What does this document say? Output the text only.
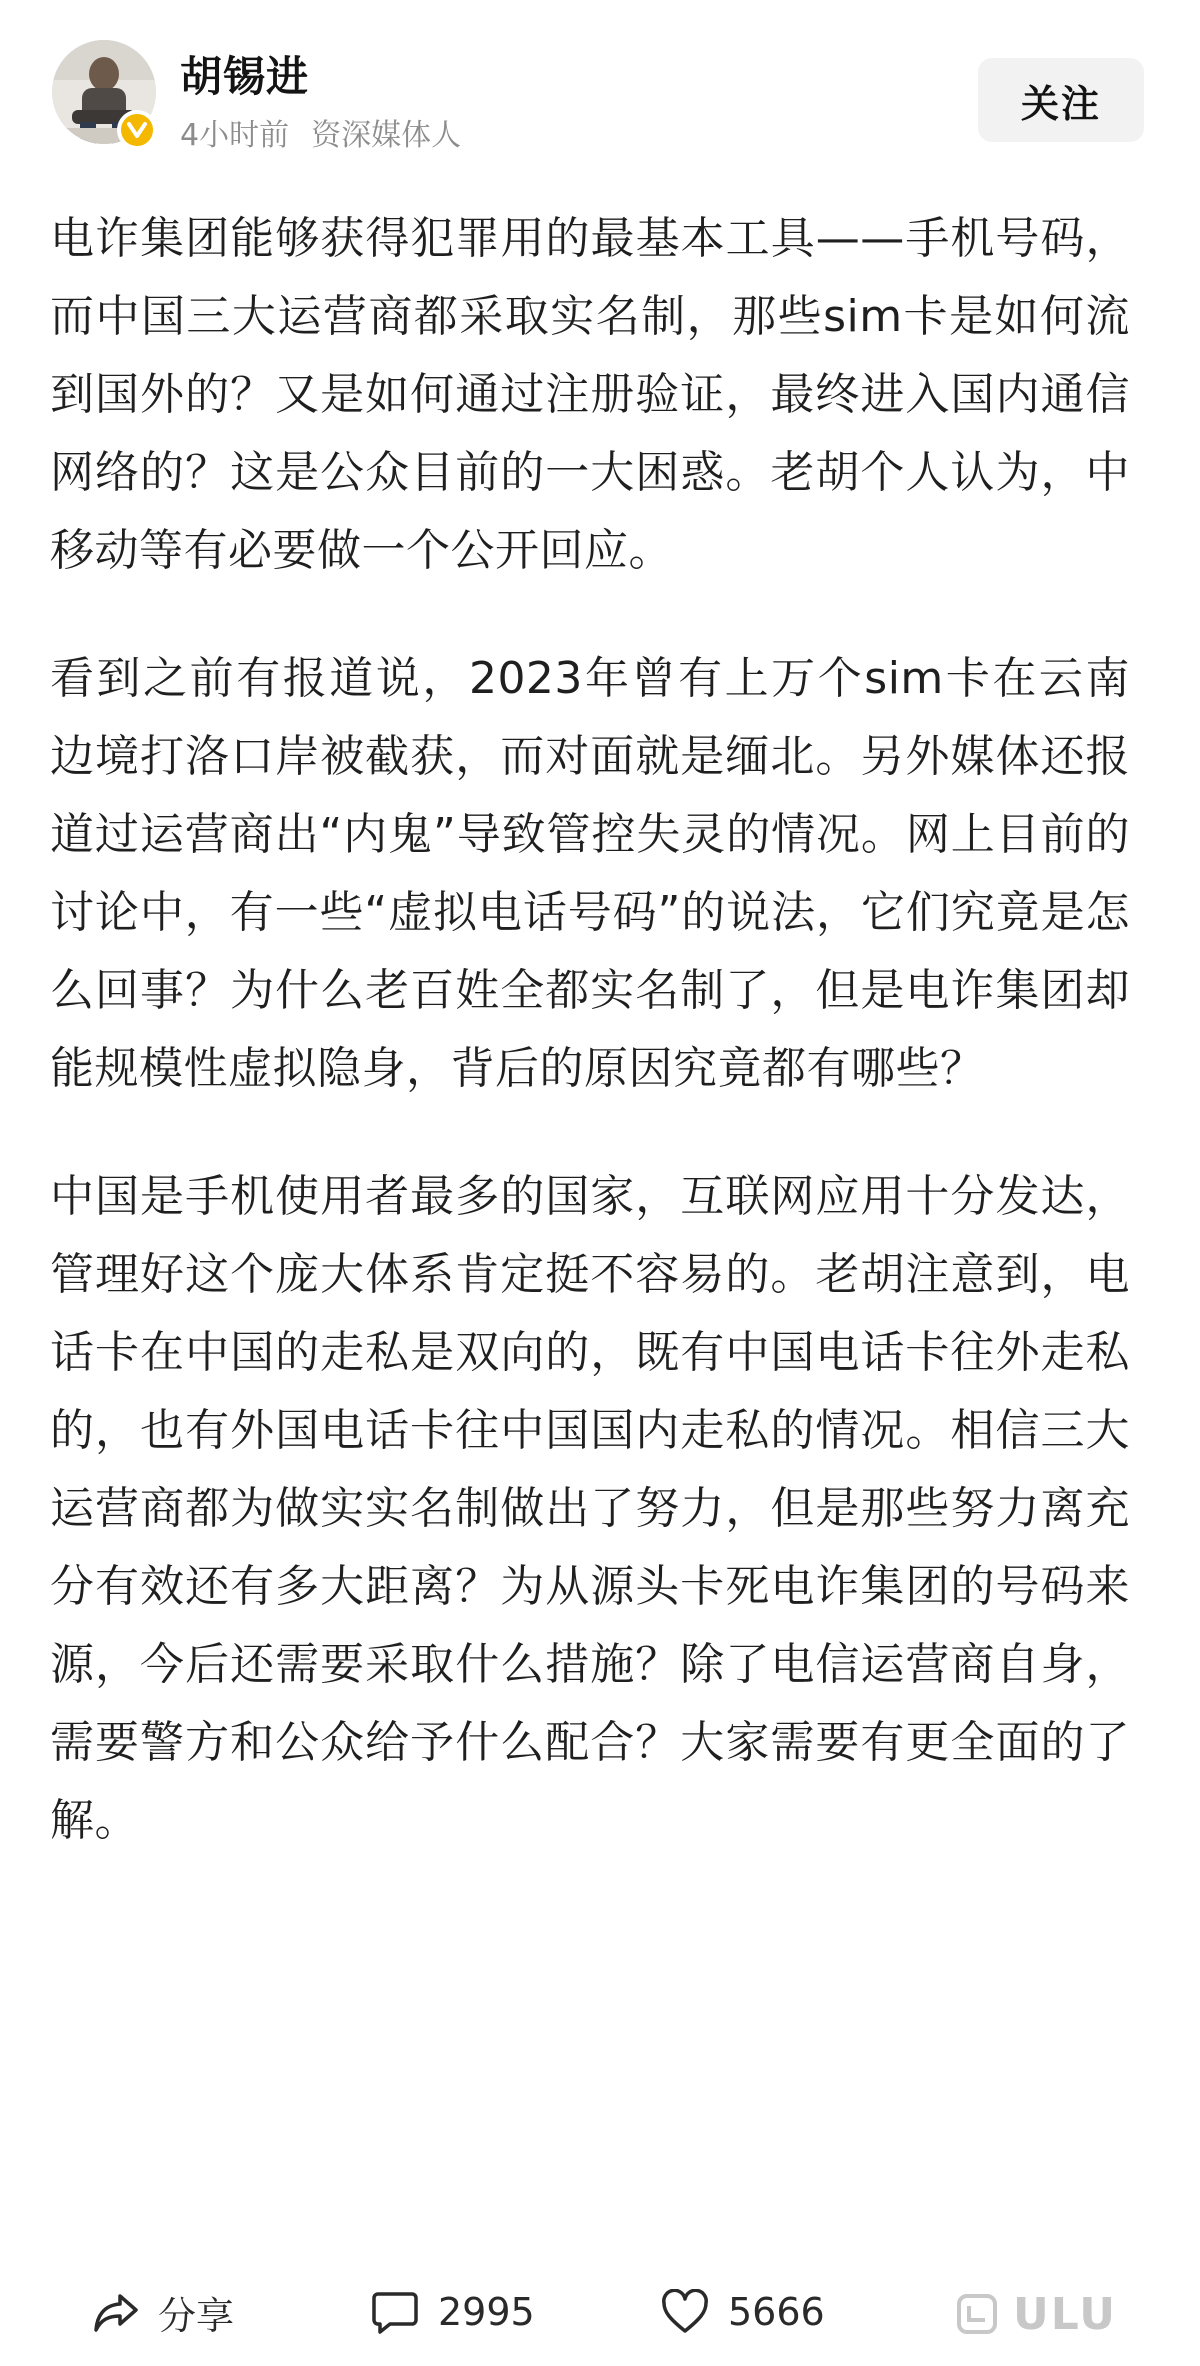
胡锡进
4小时前 资深媒体人
关注

电诈集团能够获得犯罪用的最基本工具——手机号码，而中国三大运营商都采取实名制，那些sim卡是如何流到国外的？又是如何通过注册验证，最终进入国内通信网络的？这是公众目前的一大困惑。老胡个人认为，中移动等有必要做一个公开回应。

看到之前有报道说，2023年曾有上万个sim卡在云南边境打洛口岸被截获，而对面就是缅北。另外媒体还报道过运营商出“内鬼”导致管控失灵的情况。网上目前的讨论中，有一些“虚拟电话号码”的说法，它们究竟是怎么回事？为什么老百姓全都实名制了，但是电诈集团却能规模性虚拟隐身，背后的原因究竟都有哪些？

中国是手机使用者最多的国家，互联网应用十分发达，管理好这个庞大体系肯定挺不容易的。老胡注意到，电话卡在中国的走私是双向的，既有中国电话卡往外走私的，也有外国电话卡往中国国内走私的情况。相信三大运营商都为做实实名制做出了努力，但是那些努力离充分有效还有多大距离？为从源头卡死电诈集团的号码来源，今后还需要采取什么措施？除了电信运营商自身，需要警方和公众给予什么配合？大家需要有更全面的了解。

分享	2995	5666	ULU
